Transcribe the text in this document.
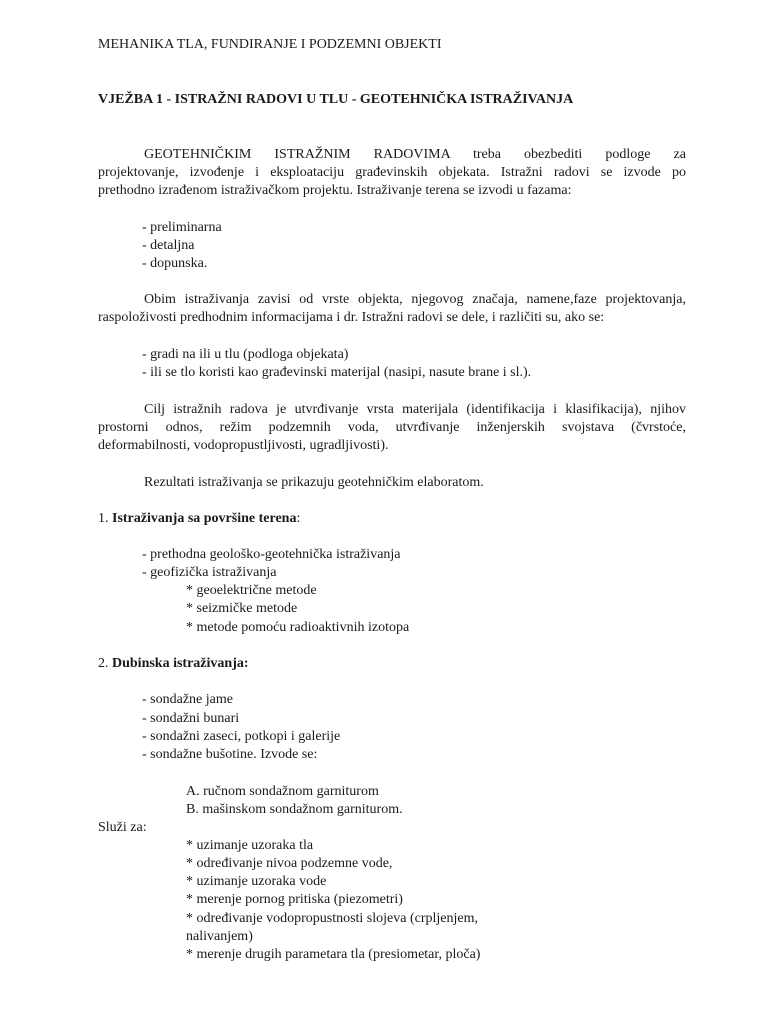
MEHANIKA TLA, FUNDIRANJE I PODZEMNI OBJEKTI
VJEŽBA 1 - ISTRAŽNI RADOVI U TLU - GEOTEHNIČKA ISTRAŽIVANJA
GEOTEHNIČKIM ISTRAŽNIM RADOVIMA treba obezbediti podloge za
projektovanje, izvođenje i eksploataciju građevinskih objekata. Istražni radovi se izvode po
prethodno izrađenom istraživačkom projektu. Istraživanje terena se izvodi u fazama:
- preliminarna
- detaljna
- dopunska.
Obim istraživanja zavisi od vrste objekta, njegovog značaja, namene,faze projektovanja,
raspoloživosti predhodnim informacijama i dr. Istražni radovi se dele, i različiti su, ako se:
- gradi na ili u tlu (podloga objekata)
- ili se tlo koristi kao građevinski materijal (nasipi, nasute brane i sl.).
Cilj istražnih radova je utvrđivanje vrsta materijala (identifikacija i klasifikacija), njihov
prostorni odnos, režim podzemnih voda, utvrđivanje inženjerskih svojstava (čvrstoće,
deformabilnosti, vodopropustljivosti, ugradljivosti).
Rezultati istraživanja se prikazuju geotehničkim elaboratom.
1. Istraživanja sa površine terena:
- prethodna geološko-geotehnička istraživanja
- geofizička istraživanja
* geoelektrične metode
* seizmičke metode
* metode pomoću radioaktivnih izotopa
2. Dubinska istraživanja:
- sondažne jame
- sondažni bunari
- sondažni zaseci, potkopi i galerije
- sondažne bušotine. Izvode se:
A. ručnom sondažnom garniturom
B. mašinskom sondažnom garniturom.
Služi za:
* uzimanje uzoraka tla
* određivanje nivoa podzemne vode,
* uzimanje uzoraka vode
* merenje pornog pritiska (piezometri)
* određivanje vodopropustnosti slojeva (crpljenjem,
nalivanjem)
* merenje drugih parametara tla (presiometar, ploča)
